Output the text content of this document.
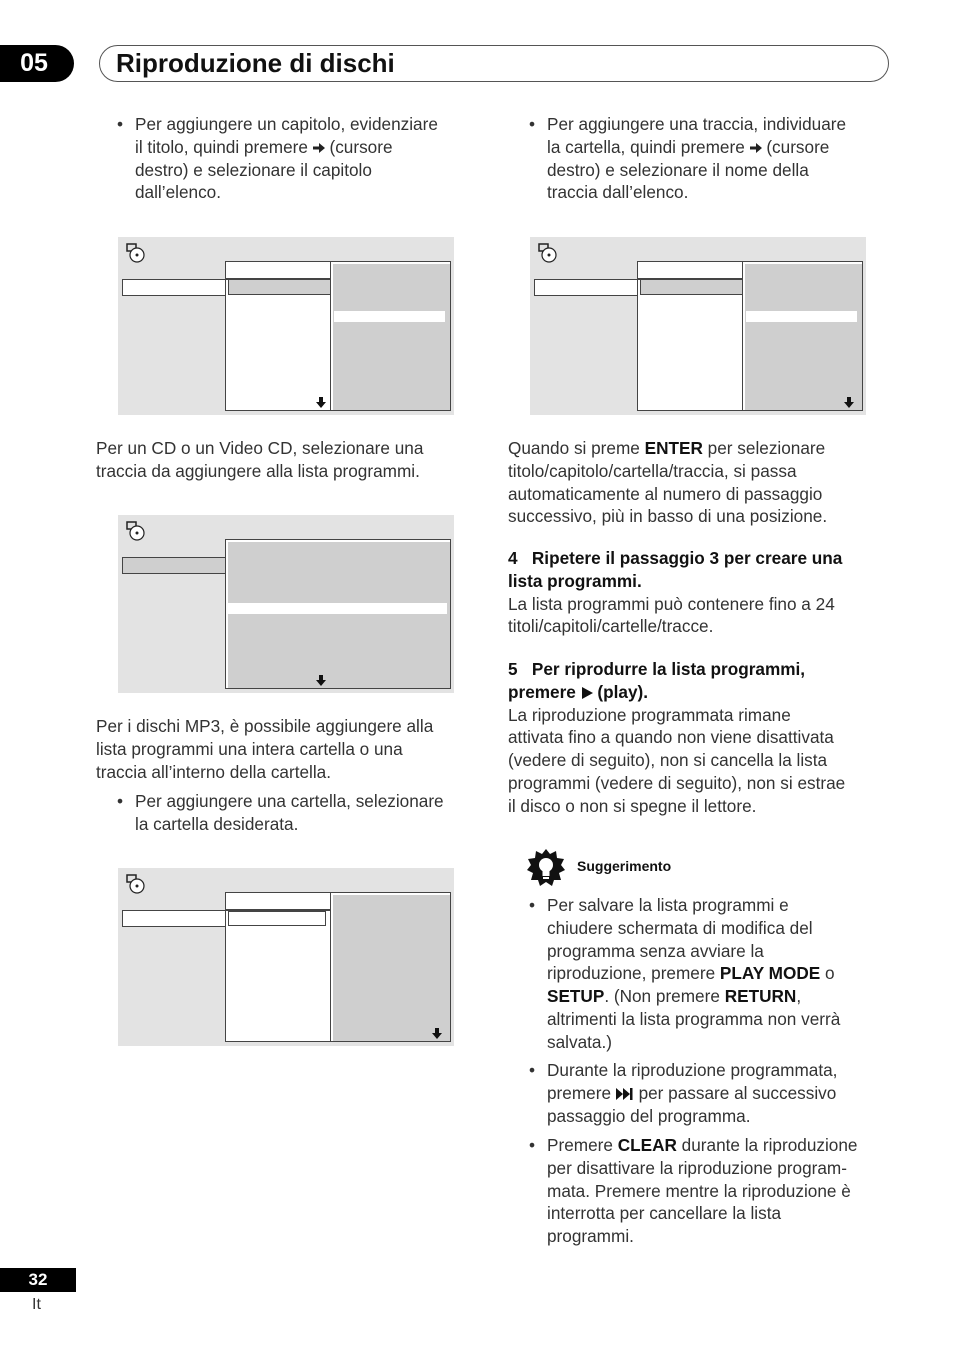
05	Riproduzione di dischi
• Per aggiungere un capitolo, evidenziare
il titolo, quindi premere (cursore
destro) e selezionare il capitolo
dall’elenco.
Per un CD o un Video CD, selezionare una
traccia da aggiungere alla lista programmi.
Per i dischi MP3, è possibile aggiungere alla
lista programmi una intera cartella o una
traccia all’interno della cartella.
• Per aggiungere una cartella, selezionare
la cartella desiderata.
• Per aggiungere una traccia, individuare
la cartella, quindi premere (cursore
destro) e selezionare il nome della
traccia dall’elenco.
Quando si preme ENTER per selezionare
titolo/capitolo/cartella/traccia, si passa
automaticamente al numero di passaggio
successivo, più in basso di una posizione.
4 Ripetere il passaggio 3 per creare una
lista programmi.
La lista programmi può contenere fino a 24
titoli/capitoli/cartelle/tracce.
5 Per riprodurre la lista programmi,
premere (play).
La riproduzione programmata rimane
attivata fino a quando non viene disattivata
(vedere di seguito), non si cancella la lista
programmi (vedere di seguito), non si estrae
il disco o non si spegne il lettore.
Suggerimento
• Per salvare la lista programmi e
chiudere schermata di modifica del
programma senza avviare la
riproduzione, premere PLAY MODE o
SETUP. (Non premere RETURN,
altrimenti la lista programma non verrà
salvata.)
• Durante la riproduzione programmata,
premere per passare al successivo
passaggio del programma.
• Premere CLEAR durante la riproduzione
per disattivare la riproduzione program-
mata. Premere mentre la riproduzione è
interrotta per cancellare la lista
programmi.
32
It
